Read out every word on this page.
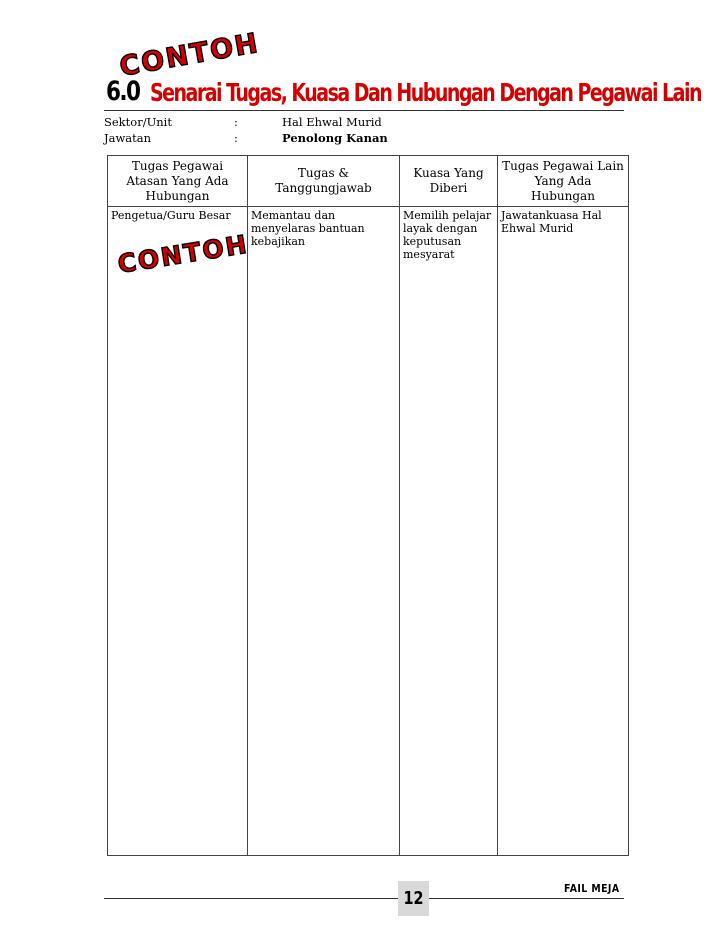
6.0 Senarai Tugas, Kuasa Dan Hubungan Dengan Pegawai Lain
CONTOH
Sektor/Unit	:	Hal Ehwal Murid
Jawatan	:	Penolong Kanan
Tugas Pegawai Atasan Yang Ada Hubungan	Tugas & Tanggungjawab	Kuasa Yang Diberi	Tugas Pegawai Lain Yang Ada Hubungan
Pengetua/Guru Besar	Memantau dan menyelaras bantuan kebajikan	Memilih pelajar layak dengan keputusan mesyarat	Jawatankuasa Hal Ehwal Murid
CONTOH
12	FAIL MEJA
